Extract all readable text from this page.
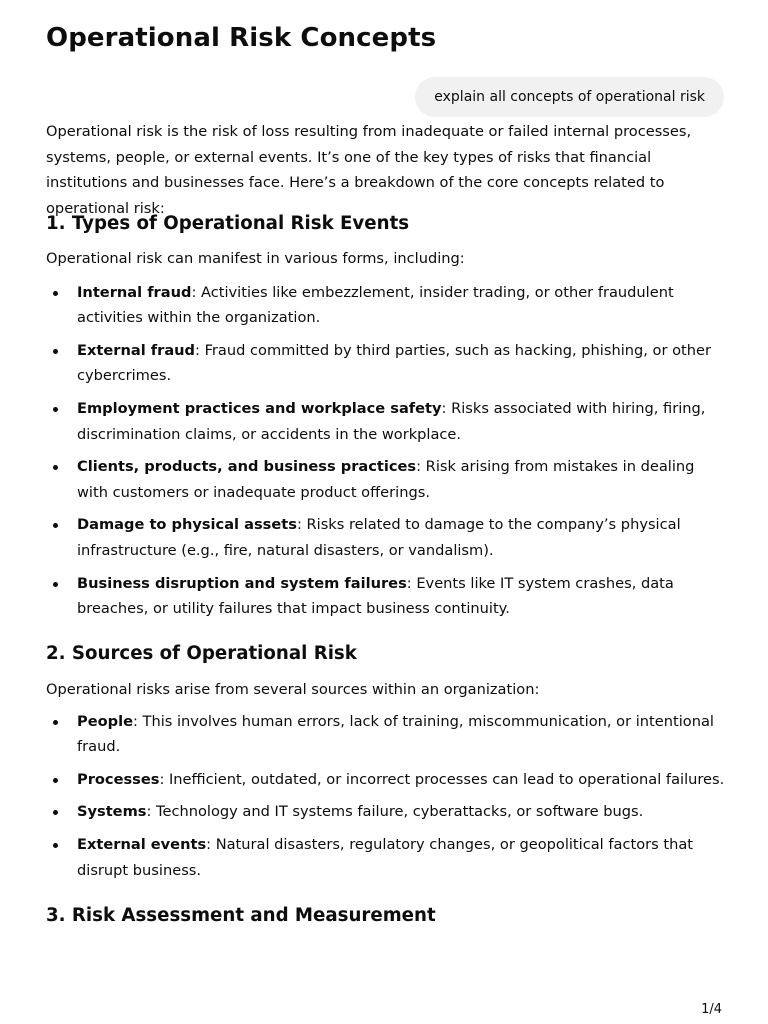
Operational Risk Concepts
explain all concepts of operational risk

Operational risk is the risk of loss resulting from inadequate or failed internal processes, systems, people, or external events. It’s one of the key types of risks that financial institutions and businesses face. Here’s a breakdown of the core concepts related to operational risk:

1. Types of Operational Risk Events

Operational risk can manifest in various forms, including:

Internal fraud: Activities like embezzlement, insider trading, or other fraudulent activities within the organization.
External fraud: Fraud committed by third parties, such as hacking, phishing, or other cybercrimes.
Employment practices and workplace safety: Risks associated with hiring, firing, discrimination claims, or accidents in the workplace.
Clients, products, and business practices: Risk arising from mistakes in dealing with customers or inadequate product offerings.
Damage to physical assets: Risks related to damage to the company’s physical infrastructure (e.g., fire, natural disasters, or vandalism).
Business disruption and system failures: Events like IT system crashes, data breaches, or utility failures that impact business continuity.
2. Sources of Operational Risk

Operational risks arise from several sources within an organization:

People: This involves human errors, lack of training, miscommunication, or intentional fraud.
Processes: Inefficient, outdated, or incorrect processes can lead to operational failures.
Systems: Technology and IT systems failure, cyberattacks, or software bugs.
External events: Natural disasters, regulatory changes, or geopolitical factors that disrupt business.
3. Risk Assessment and Measurement
1/4
